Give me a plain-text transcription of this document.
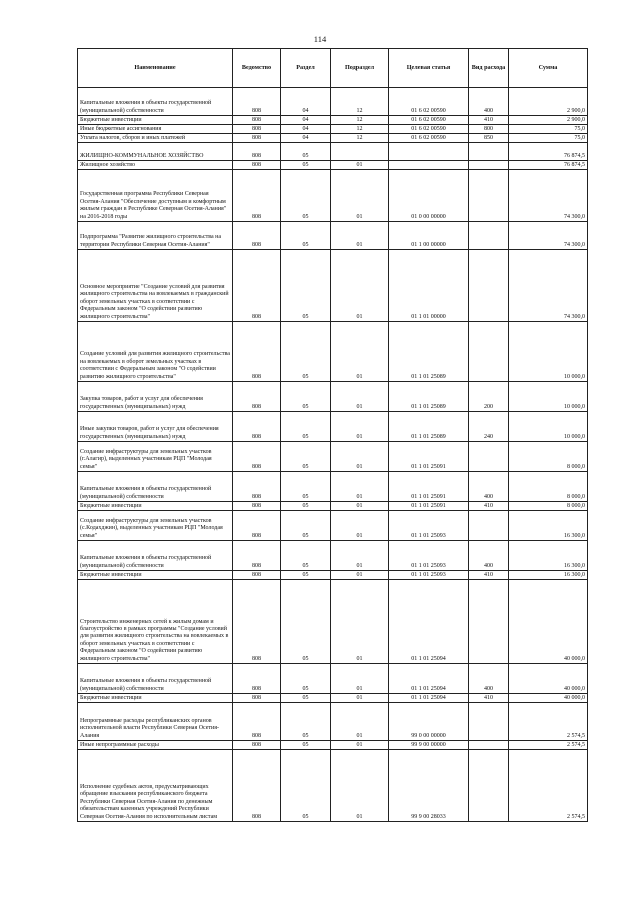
114
Наименование	Ведомство	Раздел	Подраздел	Целевая статья	Вид расхода	Сумма
Капитальные вложения в объекты государственной (муниципальной) собственности	808	04	12	01 6 02 00590	400	2 900,0
Бюджетные инвестиции	808	04	12	01 6 02 00590	410	2 900,0
Иные бюджетные ассигнования	808	04	12	01 6 02 00590	800	75,0
Уплата налогов, сборов и иных платежей	808	04	12	01 6 02 00590	850	75,0
ЖИЛИЩНО-КОММУНАЛЬНОЕ ХОЗЯЙСТВО	808	05				76 874,5
Жилищное хозяйство	808	05	01			76 874,5
Государственная программа Республики Северная Осетия-Алания "Обеспечение доступным и комфортным жильем граждан в Республике Северная Осетия-Алания" на 2016-2018 годы	808	05	01	01 0 00 00000		74 300,0
Подпрограмма "Развитие жилищного строительства на территории Республики Северная Осетия-Алания"	808	05	01	01 1 00 00000		74 300,0
Основное мероприятие "Создание условий для развития жилищного строительства на вовлекаемых в гражданский оборот земельных участках в соответствии с Федеральным законом "О содействии развитию жилищного строительства"	808	05	01	01 1 01 00000		74 300,0
Создание условий для развития жилищного строительства на вовлекаемых в оборот земельных участках в соответствии с Федеральным законом "О содействии развитию жилищного строительства"	808	05	01	01 1 01 25089		10 000,0
Закупка товаров, работ и услуг для обеспечения государственных (муниципальных) нужд	808	05	01	01 1 01 25089	200	10 000,0
Иные закупки товаров, работ и услуг для обеспечения государственных (муниципальных) нужд	808	05	01	01 1 01 25089	240	10 000,0
Создание инфраструктуры для земельных участков (г.Алагир), выделенных участникам РЦП "Молодая семья"	808	05	01	01 1 01 25091		8 000,0
Капитальные вложения в объекты государственной (муниципальной) собственности	808	05	01	01 1 01 25091	400	8 000,0
Бюджетные инвестиции	808	05	01	01 1 01 25091	410	8 000,0
Создание инфраструктуры для земельных участков (с.Кодахджин), выделенных участникам РЦП "Молодая семья"	808	05	01	01 1 01 25093		16 300,0
Капитальные вложения в объекты государственной (муниципальной) собственности	808	05	01	01 1 01 25093	400	16 300,0
Бюджетные инвестиции	808	05	01	01 1 01 25093	410	16 300,0
Строительство инженерных сетей к жилым домам и благоустройство в рамках программы "Создание условий для развития жилищного строительства на вовлекаемых в оборот земельных участках в соответствии с Федеральным законом "О содействии развитию жилищного строительства"	808	05	01	01 1 01 25094		40 000,0
Капитальные вложения в объекты государственной (муниципальной) собственности	808	05	01	01 1 01 25094	400	40 000,0
Бюджетные инвестиции	808	05	01	01 1 01 25094	410	40 000,0
Непрограммные расходы республиканских органов исполнительной власти Республики Северная Осетия-Алания	808	05	01	99 0 00 00000		2 574,5
Иные непрограммные расходы	808	05	01	99 9 00 00000		2 574,5
Исполнение судебных актов, предусматривающих обращение взыскания республиканского бюджета Республики Северная Осетия-Алания по денежным обязательствам казенных учреждений Республики Северная Осетия-Алания по исполнительным листам	808	05	01	99 9 00 28033		2 574,5
